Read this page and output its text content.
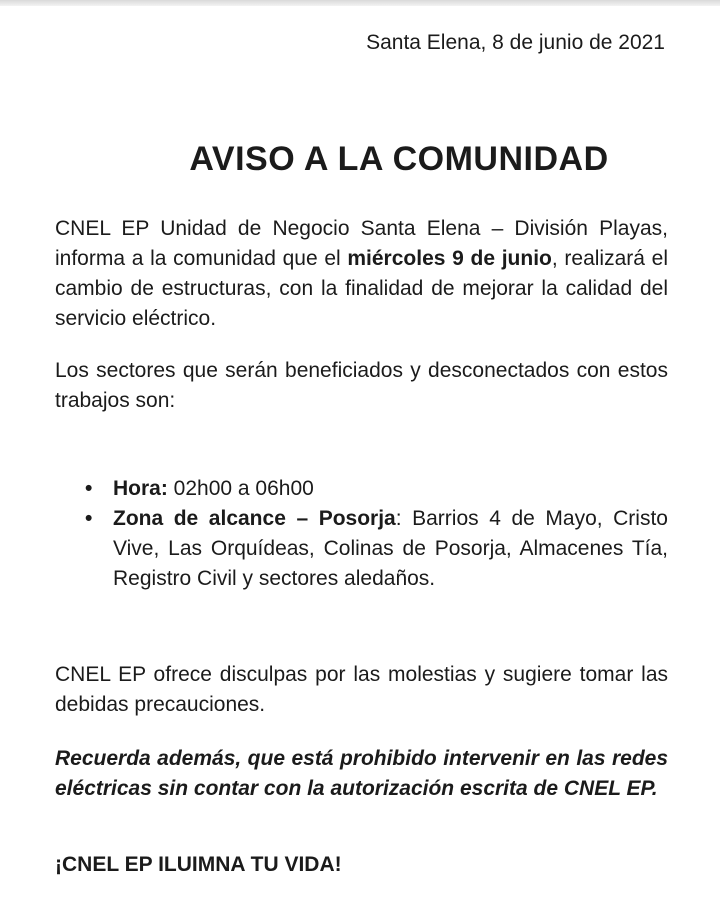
Santa Elena, 8 de junio de 2021
AVISO A LA COMUNIDAD

CNEL EP Unidad de Negocio Santa Elena – División Playas, informa a la comunidad que el miércoles 9 de junio, realizará el cambio de estructuras, con la finalidad de mejorar la calidad del servicio eléctrico.

Los sectores que serán beneficiados y desconectados con estos trabajos son:

• Hora: 02h00 a 06h00
• Zona de alcance – Posorja: Barrios 4 de Mayo, Cristo Vive, Las Orquídeas, Colinas de Posorja, Almacenes Tía, Registro Civil y sectores aledaños.

CNEL EP ofrece disculpas por las molestias y sugiere tomar las debidas precauciones.

Recuerda además, que está prohibido intervenir en las redes eléctricas sin contar con la autorización escrita de CNEL EP.

¡CNEL EP ILUIMNA TU VIDA!
